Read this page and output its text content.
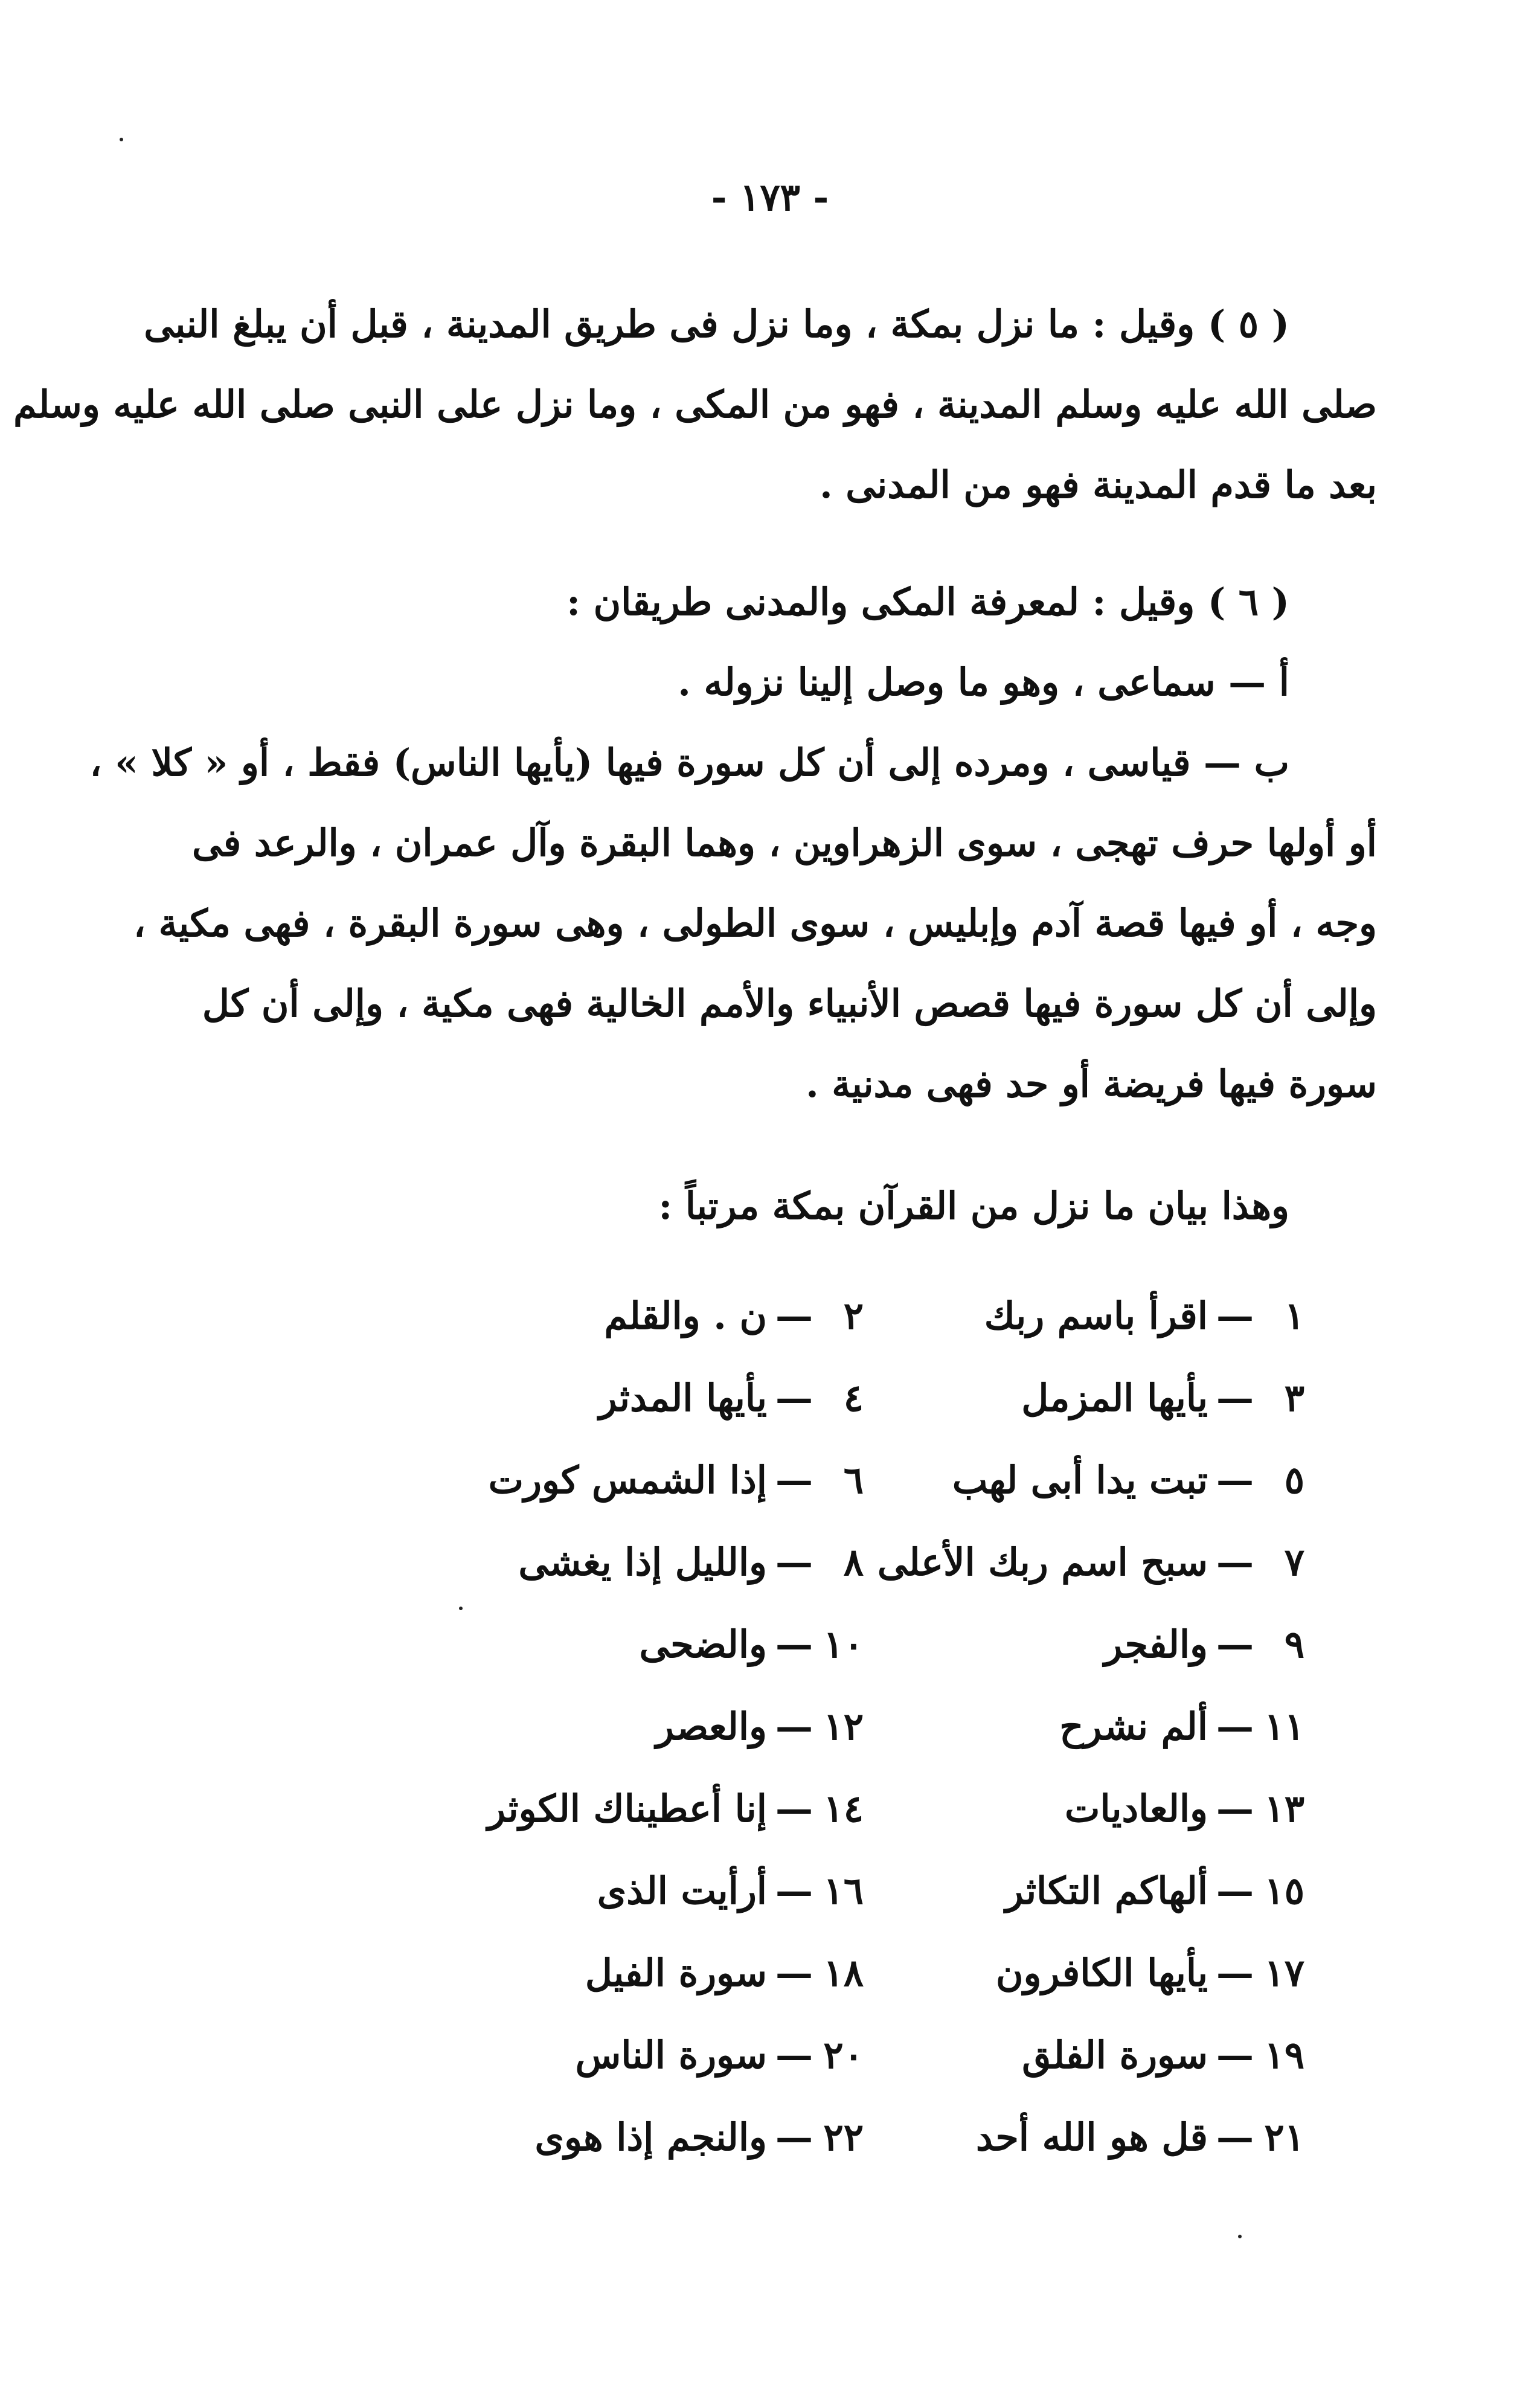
- ١٧٣ -
( ٥ ) وقيل : ما نزل بمكة ، وما نزل فى طريق المدينة ، قبل أن يبلغ النبى
صلى الله عليه وسلم المدينة ، فهو من المكى ، وما نزل على النبى صلى الله عليه وسلم
بعد ما قدم المدينة فهو من المدنى .
( ٦ ) وقيل : لمعرفة المكى والمدنى طريقان :
أ — سماعى ، وهو ما وصل إلينا نزوله .
ب — قياسى ، ومرده إلى أن كل سورة فيها (يأيها الناس) فقط ، أو « كلا » ،
أو أولها حرف تهجى ، سوى الزهراوين ، وهما البقرة وآل عمران ، والرعد فى
وجه ، أو فيها قصة آدم وإبليس ، سوى الطولى ، وهى سورة البقرة ، فهى مكية ،
وإلى أن كل سورة فيها قصص الأنبياء والأمم الخالية فهى مكية ، وإلى أن كل
سورة فيها فريضة أو حد فهى مدنية .
وهذا بيان ما نزل من القرآن بمكة مرتباً :
١—اقرأ باسم ربك
٢—ن . والقلم
٣—يأيها المزمل
٤—يأيها المدثر
٥—تبت يدا أبى لهب
٦—إذا الشمس كورت
٧—سبح اسم ربك الأعلى
٨—والليل إذا يغشى
٩—والفجر
١٠—والضحى
١١—ألم نشرح
١٢—والعصر
١٣—والعاديات
١٤—إنا أعطيناك الكوثر
١٥—ألهاكم التكاثر
١٦—أرأيت الذى
١٧—يأيها الكافرون
١٨—سورة الفيل
١٩—سورة الفلق
٢٠—سورة الناس
٢١—قل هو الله أحد
٢٢—والنجم إذا هوى
